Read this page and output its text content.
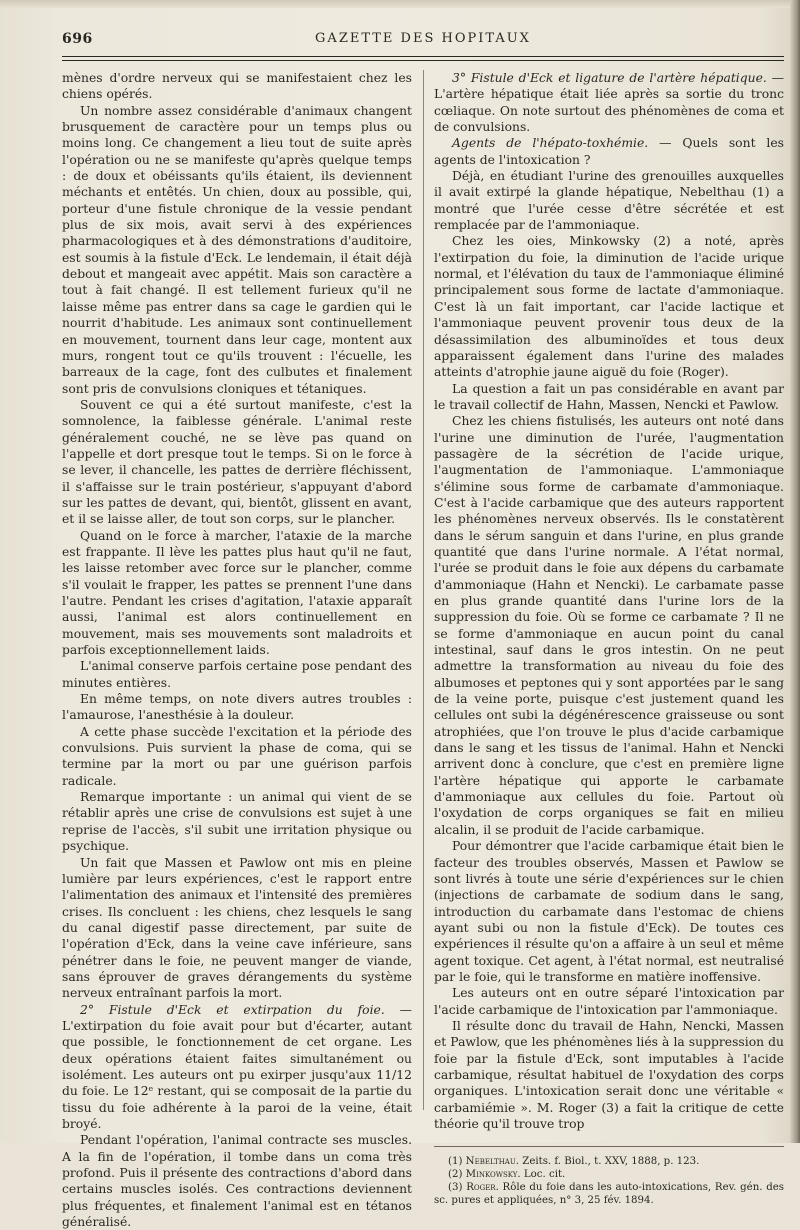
696	GAZETTE DES HOPITAUX

mènes d'ordre nerveux qui se manifestaient chez les chiens opérés.

Un nombre assez considérable d'animaux changent brusquement de caractère pour un temps plus ou moins long. Ce changement a lieu tout de suite après l'opération ou ne se manifeste qu'après quelque temps : de doux et obéissants qu'ils étaient, ils deviennent méchants et entêtés. Un chien, doux au possible, qui, porteur d'une fistule chronique de la vessie pendant plus de six mois, avait servi à des expériences pharmacologiques et à des démonstrations d'auditoire, est soumis à la fistule d'Eck. Le lendemain, il était déjà debout et mangeait avec appétit. Mais son caractère a tout à fait changé. Il est tellement furieux qu'il ne laisse même pas entrer dans sa cage le gardien qui le nourrit d'habitude. Les animaux sont continuellement en mouvement, tournent dans leur cage, montent aux murs, rongent tout ce qu'ils trouvent : l'écuelle, les barreaux de la cage, font des culbutes et finalement sont pris de convulsions cloniques et tétaniques.

Souvent ce qui a été surtout manifeste, c'est la somnolence, la faiblesse générale. L'animal reste généralement couché, ne se lève pas quand on l'appelle et dort presque tout le temps. Si on le force à se lever, il chancelle, les pattes de derrière fléchissent, il s'affaisse sur le train postérieur, s'appuyant d'abord sur les pattes de devant, qui, bientôt, glissent en avant, et il se laisse aller, de tout son corps, sur le plancher.

Quand on le force à marcher, l'ataxie de la marche est frappante. Il lève les pattes plus haut qu'il ne faut, les laisse retomber avec force sur le plancher, comme s'il voulait le frapper, les pattes se prennent l'une dans l'autre. Pendant les crises d'agitation, l'ataxie apparaît aussi, l'animal est alors continuellement en mouvement, mais ses mouvements sont maladroits et parfois exceptionnellement laids.

L'animal conserve parfois certaine pose pendant des minutes entières.

En même temps, on note divers autres troubles : l'amaurose, l'anesthésie à la douleur.

A cette phase succède l'excitation et la période des convulsions. Puis survient la phase de coma, qui se termine par la mort ou par une guérison parfois radicale.

Remarque importante : un animal qui vient de se rétablir après une crise de convulsions est sujet à une reprise de l'accès, s'il subit une irritation physique ou psychique.

Un fait que Massen et Pawlow ont mis en pleine lumière par leurs expériences, c'est le rapport entre l'alimentation des animaux et l'intensité des premières crises. Ils concluent : les chiens, chez lesquels le sang du canal digestif passe directement, par suite de l'opération d'Eck, dans la veine cave inférieure, sans pénétrer dans le foie, ne peuvent manger de viande, sans éprouver de graves dérangements du système nerveux entraînant parfois la mort.

2° Fistule d'Eck et extirpation du foie. — L'extirpation du foie avait pour but d'écarter, autant que possible, le fonctionnement de cet organe. Les deux opérations étaient faites simultanément ou isolément. Les auteurs ont pu exirper jusqu'aux 11/12 du foie. Le 12ᵉ restant, qui se composait de la partie du tissu du foie adhérente à la paroi de la veine, était broyé.

Pendant l'opération, l'animal contracte ses muscles. A la fin de l'opération, il tombe dans un coma très profond. Puis il présente des contractions d'abord dans certains muscles isolés. Ces contractions deviennent plus fréquentes, et finalement l'animal est en tétanos généralisé.

3° Fistule d'Eck et ligature de l'artère hépatique. — L'artère hépatique était liée après sa sortie du tronc cœliaque. On note surtout des phénomènes de coma et de convulsions.

Agents de l'hépato-toxhémie. — Quels sont les agents de l'intoxication ?

Déjà, en étudiant l'urine des grenouilles auxquelles il avait extirpé la glande hépatique, Nebelthau (1) a montré que l'urée cesse d'être sécrétée et est remplacée par de l'ammoniaque.

Chez les oies, Minkowsky (2) a noté, après l'extirpation du foie, la diminution de l'acide urique normal, et l'élévation du taux de l'ammoniaque éliminé principalement sous forme de lactate d'ammoniaque. C'est là un fait important, car l'acide lactique et l'ammoniaque peuvent provenir tous deux de la désassimilation des albuminoïdes et tous deux apparaissent également dans l'urine des malades atteints d'atrophie jaune aiguë du foie (Roger).

La question a fait un pas considérable en avant par le travail collectif de Hahn, Massen, Nencki et Pawlow.

Chez les chiens fistulisés, les auteurs ont noté dans l'urine une diminution de l'urée, l'augmentation passagère de la sécrétion de l'acide urique, l'augmentation de l'ammoniaque. L'ammoniaque s'élimine sous forme de carbamate d'ammoniaque. C'est à l'acide carbamique que des auteurs rapportent les phénomènes nerveux observés. Ils le constatèrent dans le sérum sanguin et dans l'urine, en plus grande quantité que dans l'urine normale. A l'état normal, l'urée se produit dans le foie aux dépens du carbamate d'ammoniaque (Hahn et Nencki). Le carbamate passe en plus grande quantité dans l'urine lors de la suppression du foie. Où se forme ce carbamate ? Il ne se forme d'ammoniaque en aucun point du canal intestinal, sauf dans le gros intestin. On ne peut admettre la transformation au niveau du foie des albumoses et peptones qui y sont apportées par le sang de la veine porte, puisque c'est justement quand les cellules ont subi la dégénérescence graisseuse ou sont atrophiées, que l'on trouve le plus d'acide carbamique dans le sang et les tissus de l'animal. Hahn et Nencki arrivent donc à conclure, que c'est en première ligne l'artère hépatique qui apporte le carbamate d'ammoniaque aux cellules du foie. Partout où l'oxydation de corps organiques se fait en milieu alcalin, il se produit de l'acide carbamique.

Pour démontrer que l'acide carbamique était bien le facteur des troubles observés, Massen et Pawlow se sont livrés à toute une série d'expériences sur le chien (injections de carbamate de sodium dans le sang, introduction du carbamate dans l'estomac de chiens ayant subi ou non la fistule d'Eck). De toutes ces expériences il résulte qu'on a affaire à un seul et même agent toxique. Cet agent, à l'état normal, est neutralisé par le foie, qui le transforme en matière inoffensive.

Les auteurs ont en outre séparé l'intoxication par l'acide carbamique de l'intoxication par l'ammoniaque.

Il résulte donc du travail de Hahn, Nencki, Massen et Pawlow, que les phénomènes liés à la suppression du foie par la fistule d'Eck, sont imputables à l'acide carbamique, résultat habituel de l'oxydation des corps organiques. L'intoxication serait donc une véritable « carbamiémie ». M. Roger (3) a fait la critique de cette théorie qu'il trouve trop

(1) Nebelthau. Zeits. f. Biol., t. XXV, 1888, p. 123.
(2) Minkowsky. Loc. cit.
(3) Roger. Rôle du foie dans les auto-intoxications, Rev. gén. des sc. pures et appliquées, n° 3, 25 fév. 1894.
